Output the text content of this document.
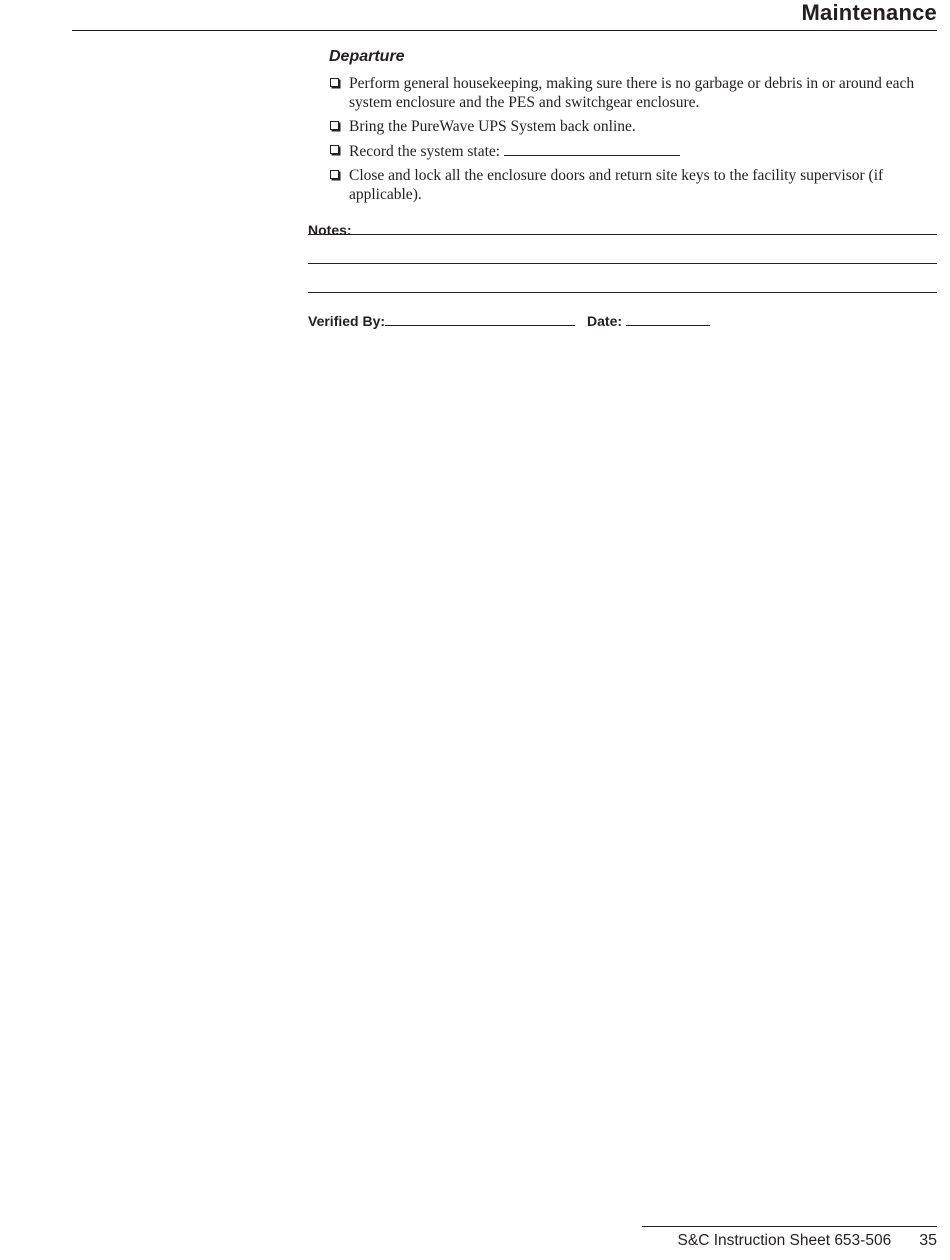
Maintenance
Departure
Perform general housekeeping, making sure there is no garbage or debris in or around each system enclosure and the PES and switchgear enclosure.
Bring the PureWave UPS System back online.
Record the system state:
Close and lock all the enclosure doors and return site keys to the facility supervisor (if applicable).
Notes:
Verified By:	Date:
S&C Instruction Sheet 653-506 35
